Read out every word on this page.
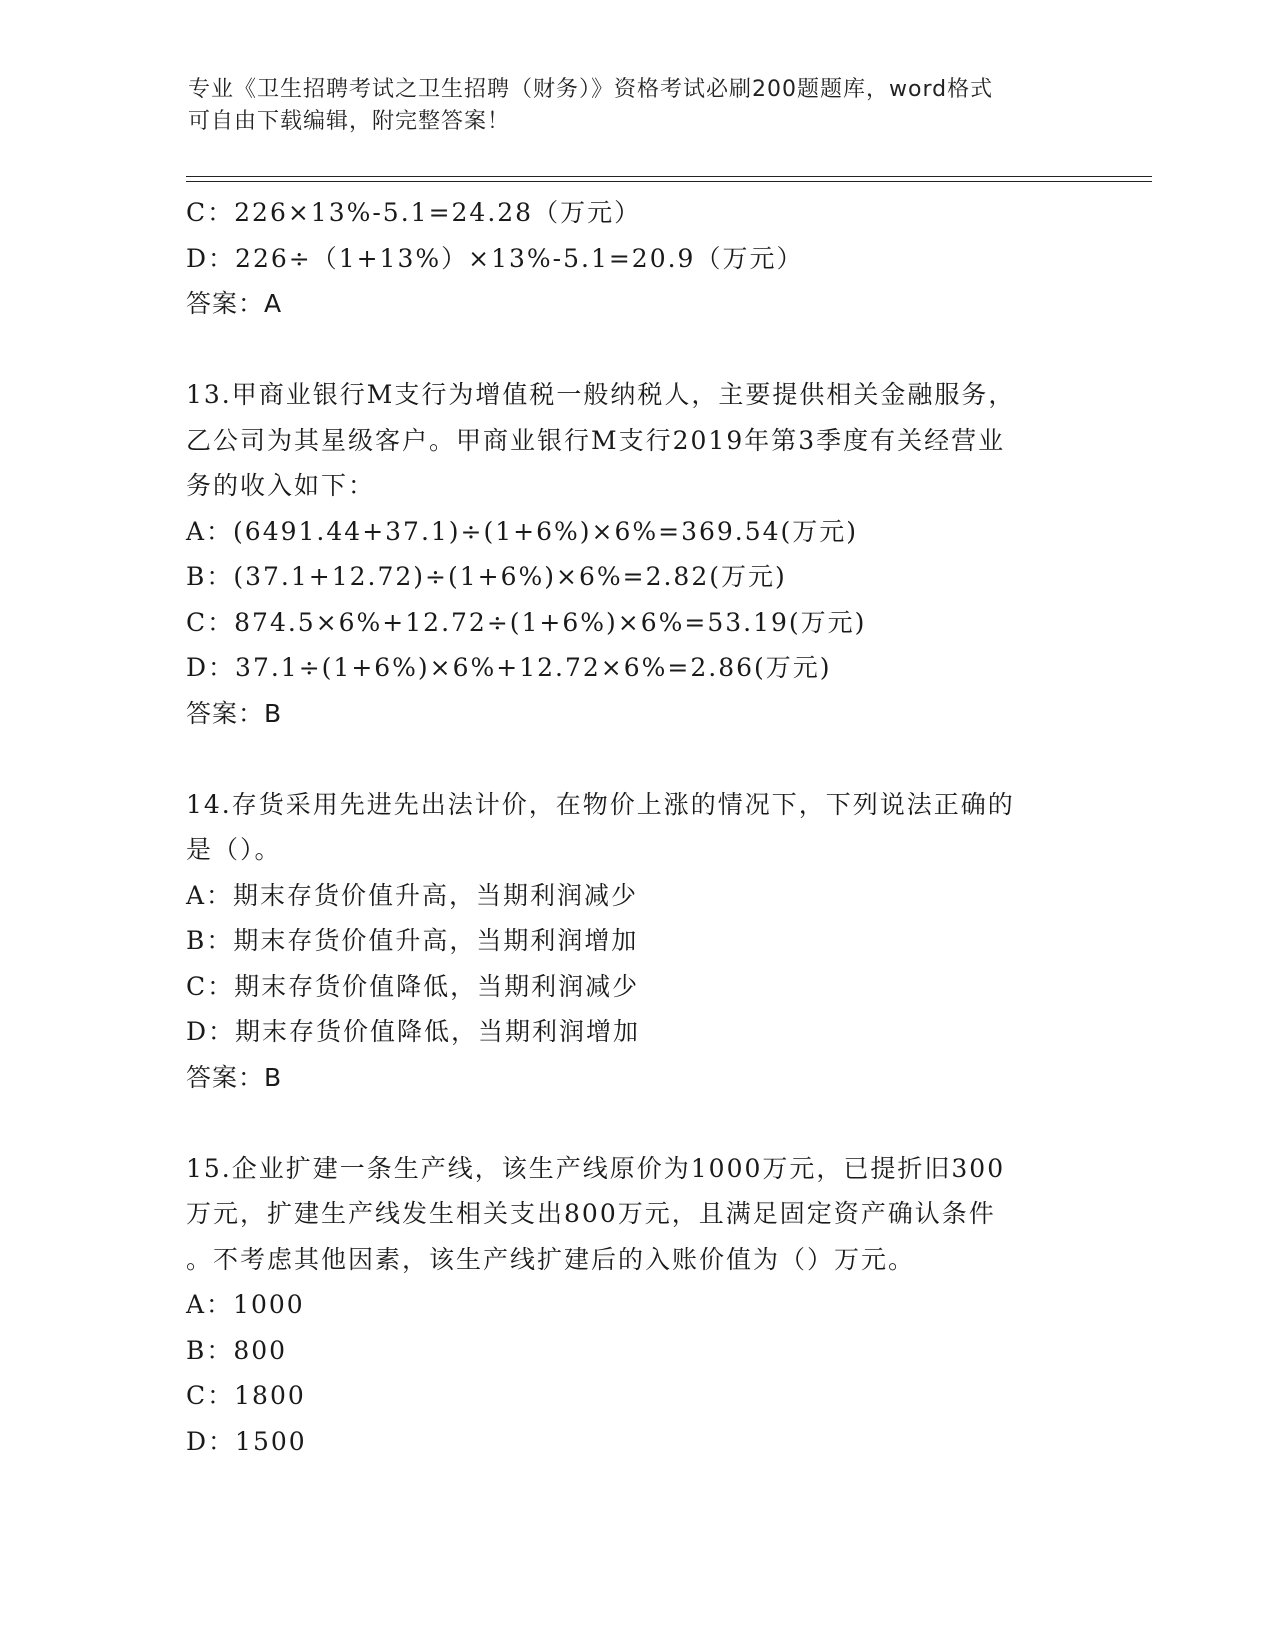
专业《卫生招聘考试之卫生招聘（财务）》资格考试必刷200题题库，word格式
可自由下载编辑，附完整答案！
C：226×13%-5.1=24.28（万元）
D：226÷（1+13%）×13%-5.1=20.9（万元）
答案：A
13.甲商业银行M支行为增值税一般纳税人，主要提供相关金融服务，
乙公司为其星级客户。甲商业银行M支行2019年第3季度有关经营业
务的收入如下：
A：(6491.44+37.1)÷(1+6%)×6%=369.54(万元)
B：(37.1+12.72)÷(1+6%)×6%=2.82(万元)
C：874.5×6%+12.72÷(1+6%)×6%=53.19(万元)
D：37.1÷(1+6%)×6%+12.72×6%=2.86(万元)
答案：B
14.存货采用先进先出法计价，在物价上涨的情况下，下列说法正确的
是（）。
A：期末存货价值升高，当期利润减少
B：期末存货价值升高，当期利润增加
C：期末存货价值降低，当期利润减少
D：期末存货价值降低，当期利润增加
答案：B
15.企业扩建一条生产线，该生产线原价为1000万元，已提折旧300
万元，扩建生产线发生相关支出800万元，且满足固定资产确认条件
。不考虑其他因素，该生产线扩建后的入账价值为（）万元。
A：1000
B：800
C：1800
D：1500
